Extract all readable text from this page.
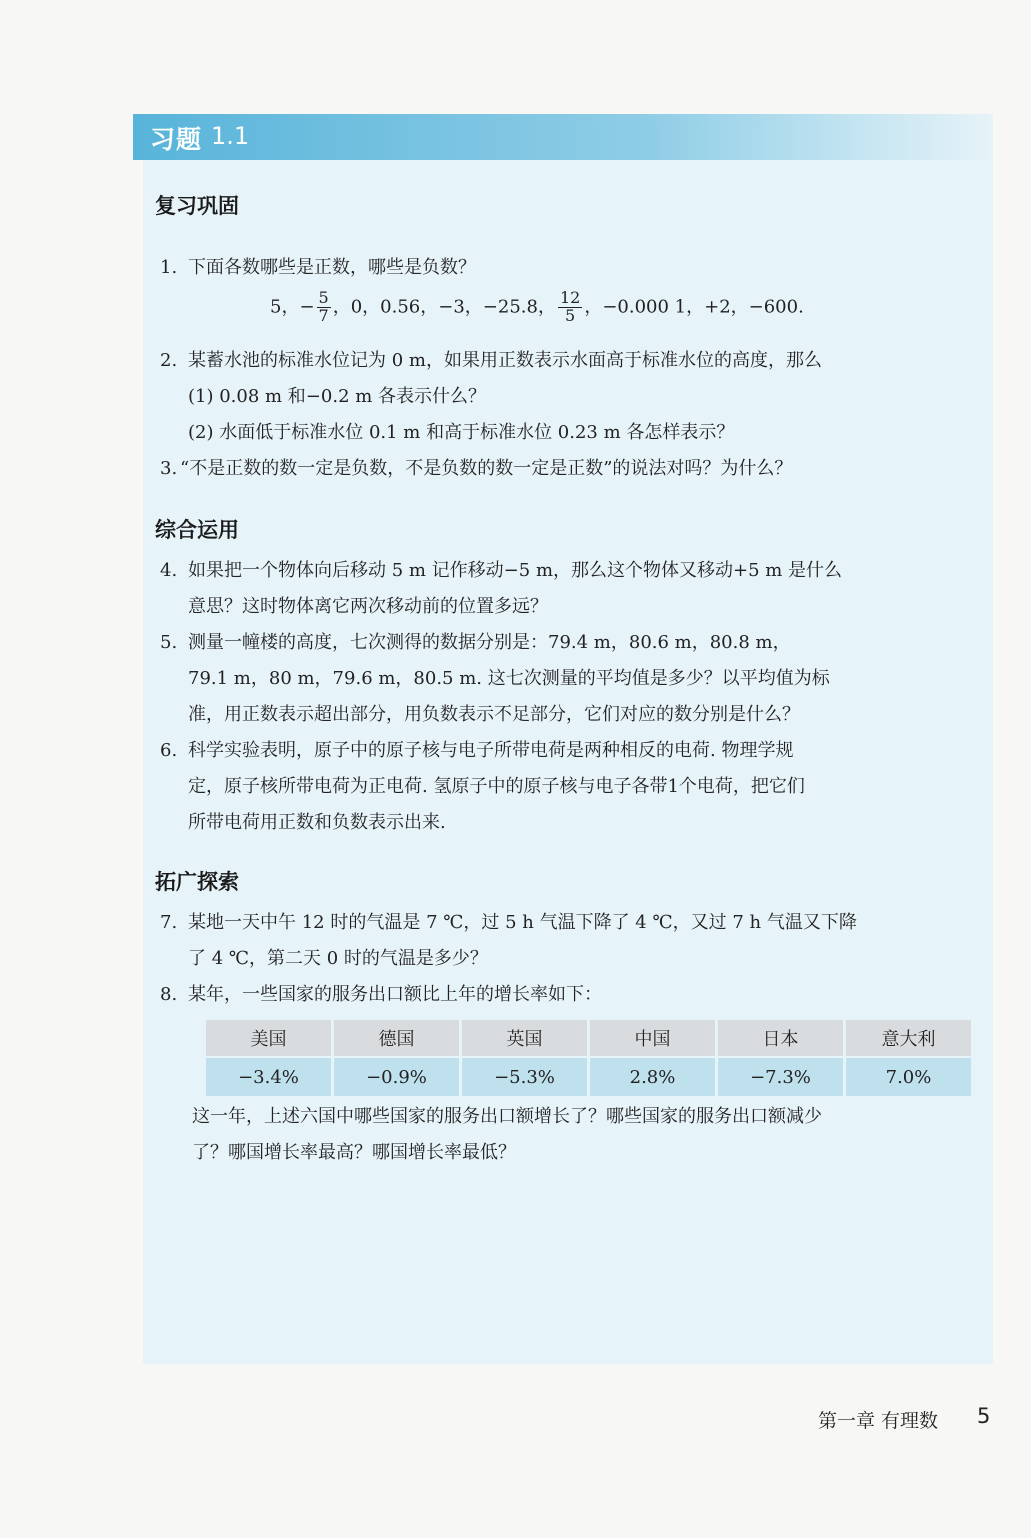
习题 1.1
复习巩固
1. 下面各数哪些是正数，哪些是负数？
5，− $\frac{5}{7}$ ，0，0.56，−3，−25.8， $\frac{12}{5}$ ，−0.000 1，+2，−600.
2. 某蓄水池的标准水位记为 0 m，如果用正数表示水面高于标准水位的高度，那么
(1) 0.08 m 和−0.2 m 各表示什么？
(2) 水面低于标准水位 0.1 m 和高于标准水位 0.23 m 各怎样表示？
3. “不是正数的数一定是负数，不是负数的数一定是正数”的说法对吗？为什么？
综合运用
4. 如果把一个物体向后移动 5 m 记作移动−5 m，那么这个物体又移动+5 m 是什么
意思？这时物体离它两次移动前的位置多远？
5. 测量一幢楼的高度，七次测得的数据分别是：79.4 m，80.6 m，80.8 m，
79.1 m，80 m，79.6 m，80.5 m. 这七次测量的平均值是多少？以平均值为标
准，用正数表示超出部分，用负数表示不足部分，它们对应的数分别是什么？
6. 科学实验表明，原子中的原子核与电子所带电荷是两种相反的电荷. 物理学规
定，原子核所带电荷为正电荷. 氢原子中的原子核与电子各带1个电荷，把它们
所带电荷用正数和负数表示出来.
拓广探索
7. 某地一天中午 12 时的气温是 7 ℃，过 5 h 气温下降了 4 ℃，又过 7 h 气温又下降
了 4 ℃，第二天 0 时的气温是多少？
8. 某年，一些国家的服务出口额比上年的增长率如下：
美国	德国	英国	中国	日本	意大利
−3.4%	−0.9%	−5.3%	2.8%	−7.3%	7.0%
这一年，上述六国中哪些国家的服务出口额增长了？哪些国家的服务出口额减少
了？哪国增长率最高？哪国增长率最低？
第一章 有理数 5
